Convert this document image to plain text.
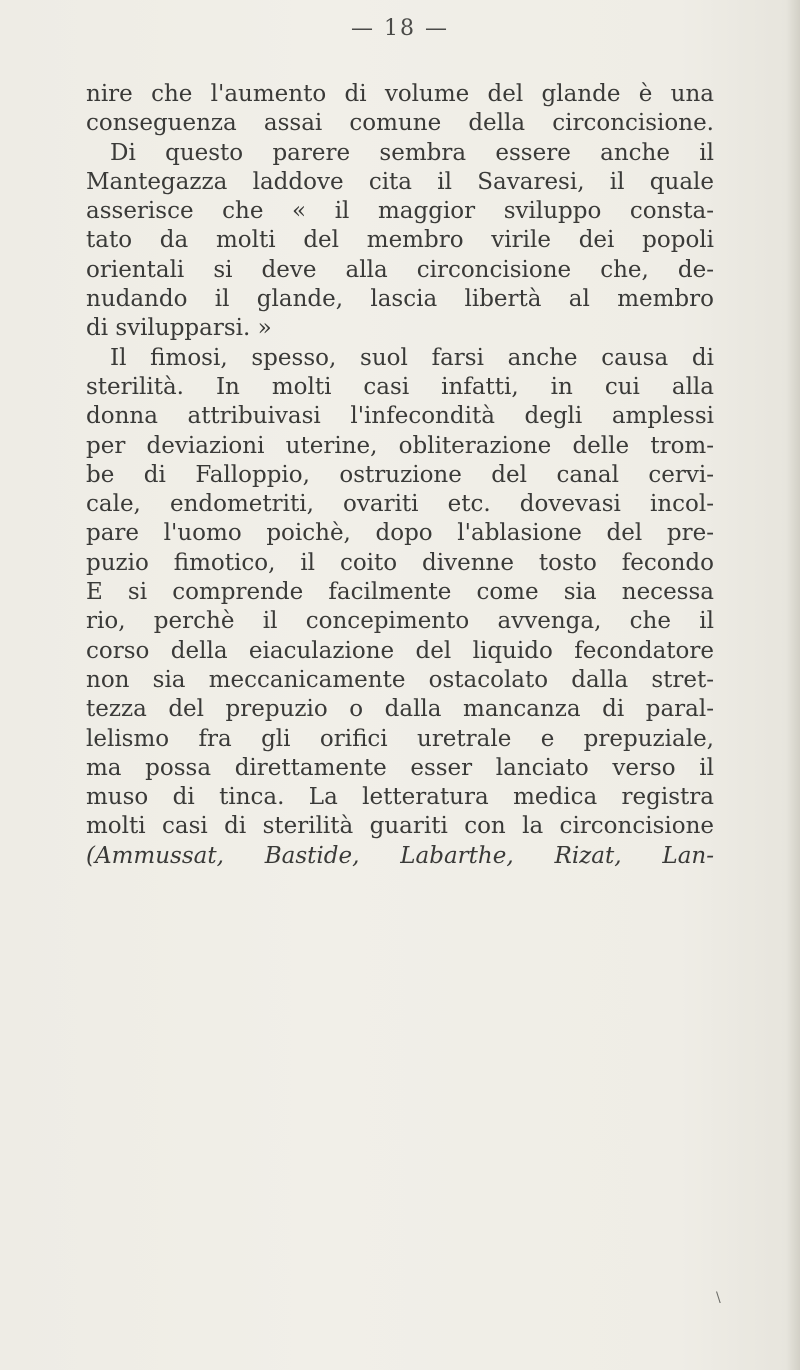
— 18 —
nire che l'aumento di volume del glande è una
conseguenza assai comune della circoncisione.
Di questo parere sembra essere anche il
Mantegazza laddove cita il Savaresi, il quale
asserisce che « il maggior sviluppo consta-
tato da molti del membro virile dei popoli
orientali si deve alla circoncisione che, de-
nudando il glande, lascia libertà al membro
di svilupparsi. »
Il fimosi, spesso, suol farsi anche causa di
sterilità. In molti casi infatti, in cui alla
donna attribuivasi l'infecondità degli amplessi
per deviazioni uterine, obliterazione delle trom-
be di Falloppio, ostruzione del canal cervi-
cale, endometriti, ovariti etc. dovevasi incol-
pare l'uomo poichè, dopo l'ablasione del pre-
puzio fimotico, il coito divenne tosto fecondo
E si comprende facilmente come sia necessa
rio, perchè il concepimento avvenga, che il
corso della eiaculazione del liquido fecondatore
non sia meccanicamente ostacolato dalla stret-
tezza del prepuzio o dalla mancanza di paral-
lelismo fra gli orifici uretrale e prepuziale,
ma possa direttamente esser lanciato verso il
muso di tinca. La letteratura medica registra
molti casi di sterilità guariti con la circoncisione
(Ammussat, Bastide, Labarthe, Rizat, Lan-
\
